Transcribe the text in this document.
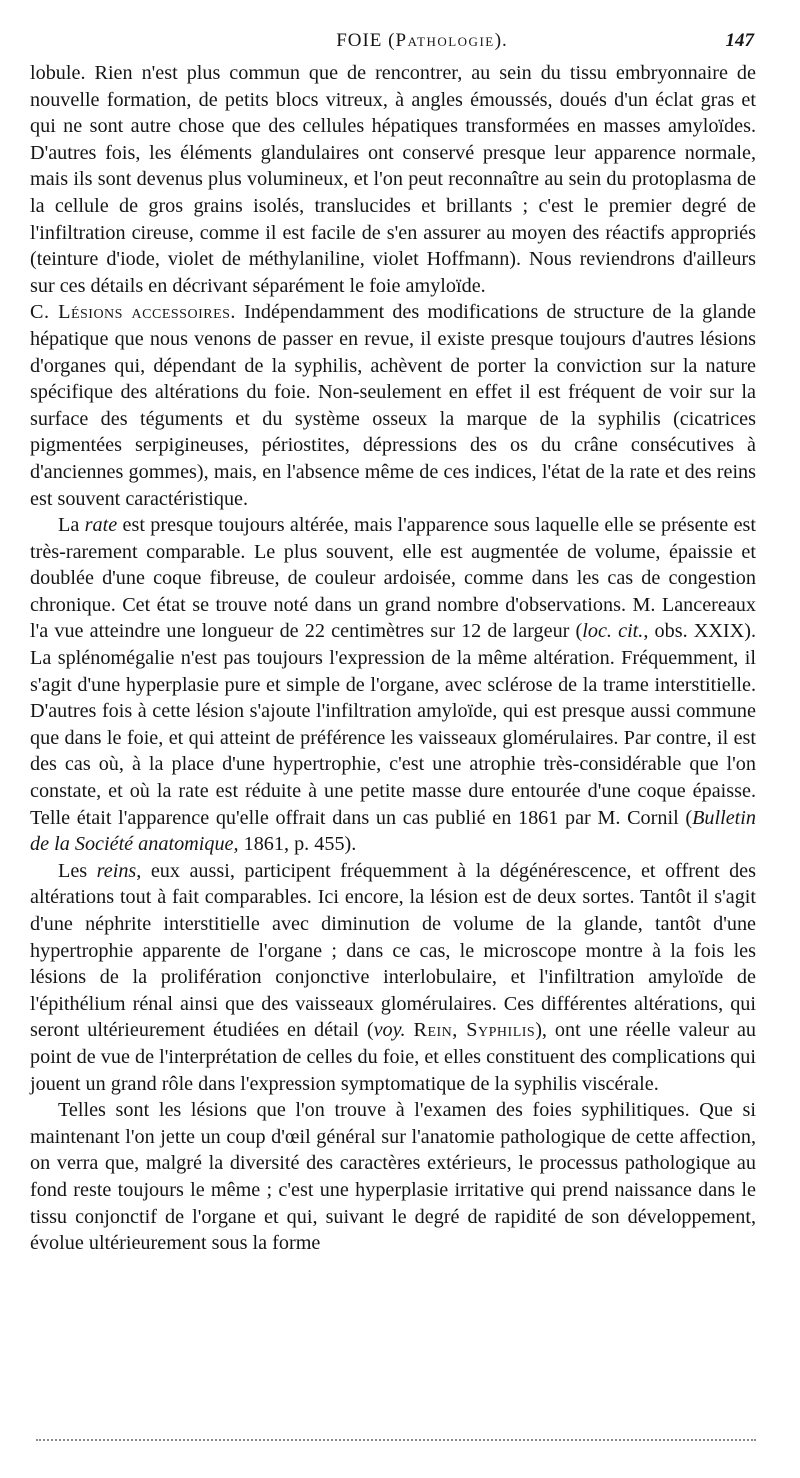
FOIE (Pathologie).	147

lobule. Rien n'est plus commun que de rencontrer, au sein du tissu embryonnaire de nouvelle formation, de petits blocs vitreux, à angles émoussés, doués d'un éclat gras et qui ne sont autre chose que des cellules hépatiques transformées en masses amyloïdes. D'autres fois, les éléments glandulaires ont conservé presque leur apparence normale, mais ils sont devenus plus volumineux, et l'on peut reconnaître au sein du protoplasma de la cellule de gros grains isolés, translucides et brillants ; c'est le premier degré de l'infiltration cireuse, comme il est facile de s'en assurer au moyen des réactifs appropriés (teinture d'iode, violet de méthylaniline, violet Hoffmann). Nous reviendrons d'ailleurs sur ces détails en décrivant séparément le foie amyloïde.

C. Lésions accessoires. Indépendamment des modifications de structure de la glande hépatique que nous venons de passer en revue, il existe presque toujours d'autres lésions d'organes qui, dépendant de la syphilis, achèvent de porter la conviction sur la nature spécifique des altérations du foie. Non-seulement en effet il est fréquent de voir sur la surface des téguments et du système osseux la marque de la syphilis (cicatrices pigmentées serpigineuses, périostites, dépressions des os du crâne consécutives à d'anciennes gommes), mais, en l'absence même de ces indices, l'état de la rate et des reins est souvent caractéristique.

La rate est presque toujours altérée, mais l'apparence sous laquelle elle se présente est très-rarement comparable. Le plus souvent, elle est augmentée de volume, épaissie et doublée d'une coque fibreuse, de couleur ardoisée, comme dans les cas de congestion chronique. Cet état se trouve noté dans un grand nombre d'observations. M. Lancereaux l'a vue atteindre une longueur de 22 centimètres sur 12 de largeur (loc. cit., obs. XXIX). La splénomégalie n'est pas toujours l'expression de la même altération. Fréquemment, il s'agit d'une hyperplasie pure et simple de l'organe, avec sclérose de la trame interstitielle. D'autres fois à cette lésion s'ajoute l'infiltration amyloïde, qui est presque aussi commune que dans le foie, et qui atteint de préférence les vaisseaux glomérulaires. Par contre, il est des cas où, à la place d'une hypertrophie, c'est une atrophie très-considérable que l'on constate, et où la rate est réduite à une petite masse dure entourée d'une coque épaisse. Telle était l'apparence qu'elle offrait dans un cas publié en 1861 par M. Cornil (Bulletin de la Société anatomique, 1861, p. 455).

Les reins, eux aussi, participent fréquemment à la dégénérescence, et offrent des altérations tout à fait comparables. Ici encore, la lésion est de deux sortes. Tantôt il s'agit d'une néphrite interstitielle avec diminution de volume de la glande, tantôt d'une hypertrophie apparente de l'organe ; dans ce cas, le microscope montre à la fois les lésions de la prolifération conjonctive interlobulaire, et l'infiltration amyloïde de l'épithélium rénal ainsi que des vaisseaux glomérulaires. Ces différentes altérations, qui seront ultérieurement étudiées en détail (voy. Rein, Syphilis), ont une réelle valeur au point de vue de l'interprétation de celles du foie, et elles constituent des complications qui jouent un grand rôle dans l'expression symptomatique de la syphilis viscérale.

Telles sont les lésions que l'on trouve à l'examen des foies syphilitiques. Que si maintenant l'on jette un coup d'œil général sur l'anatomie pathologique de cette affection, on verra que, malgré la diversité des caractères extérieurs, le processus pathologique au fond reste toujours le même ; c'est une hyperplasie irritative qui prend naissance dans le tissu conjonctif de l'organe et qui, suivant le degré de rapidité de son développement, évolue ultérieurement sous la forme
